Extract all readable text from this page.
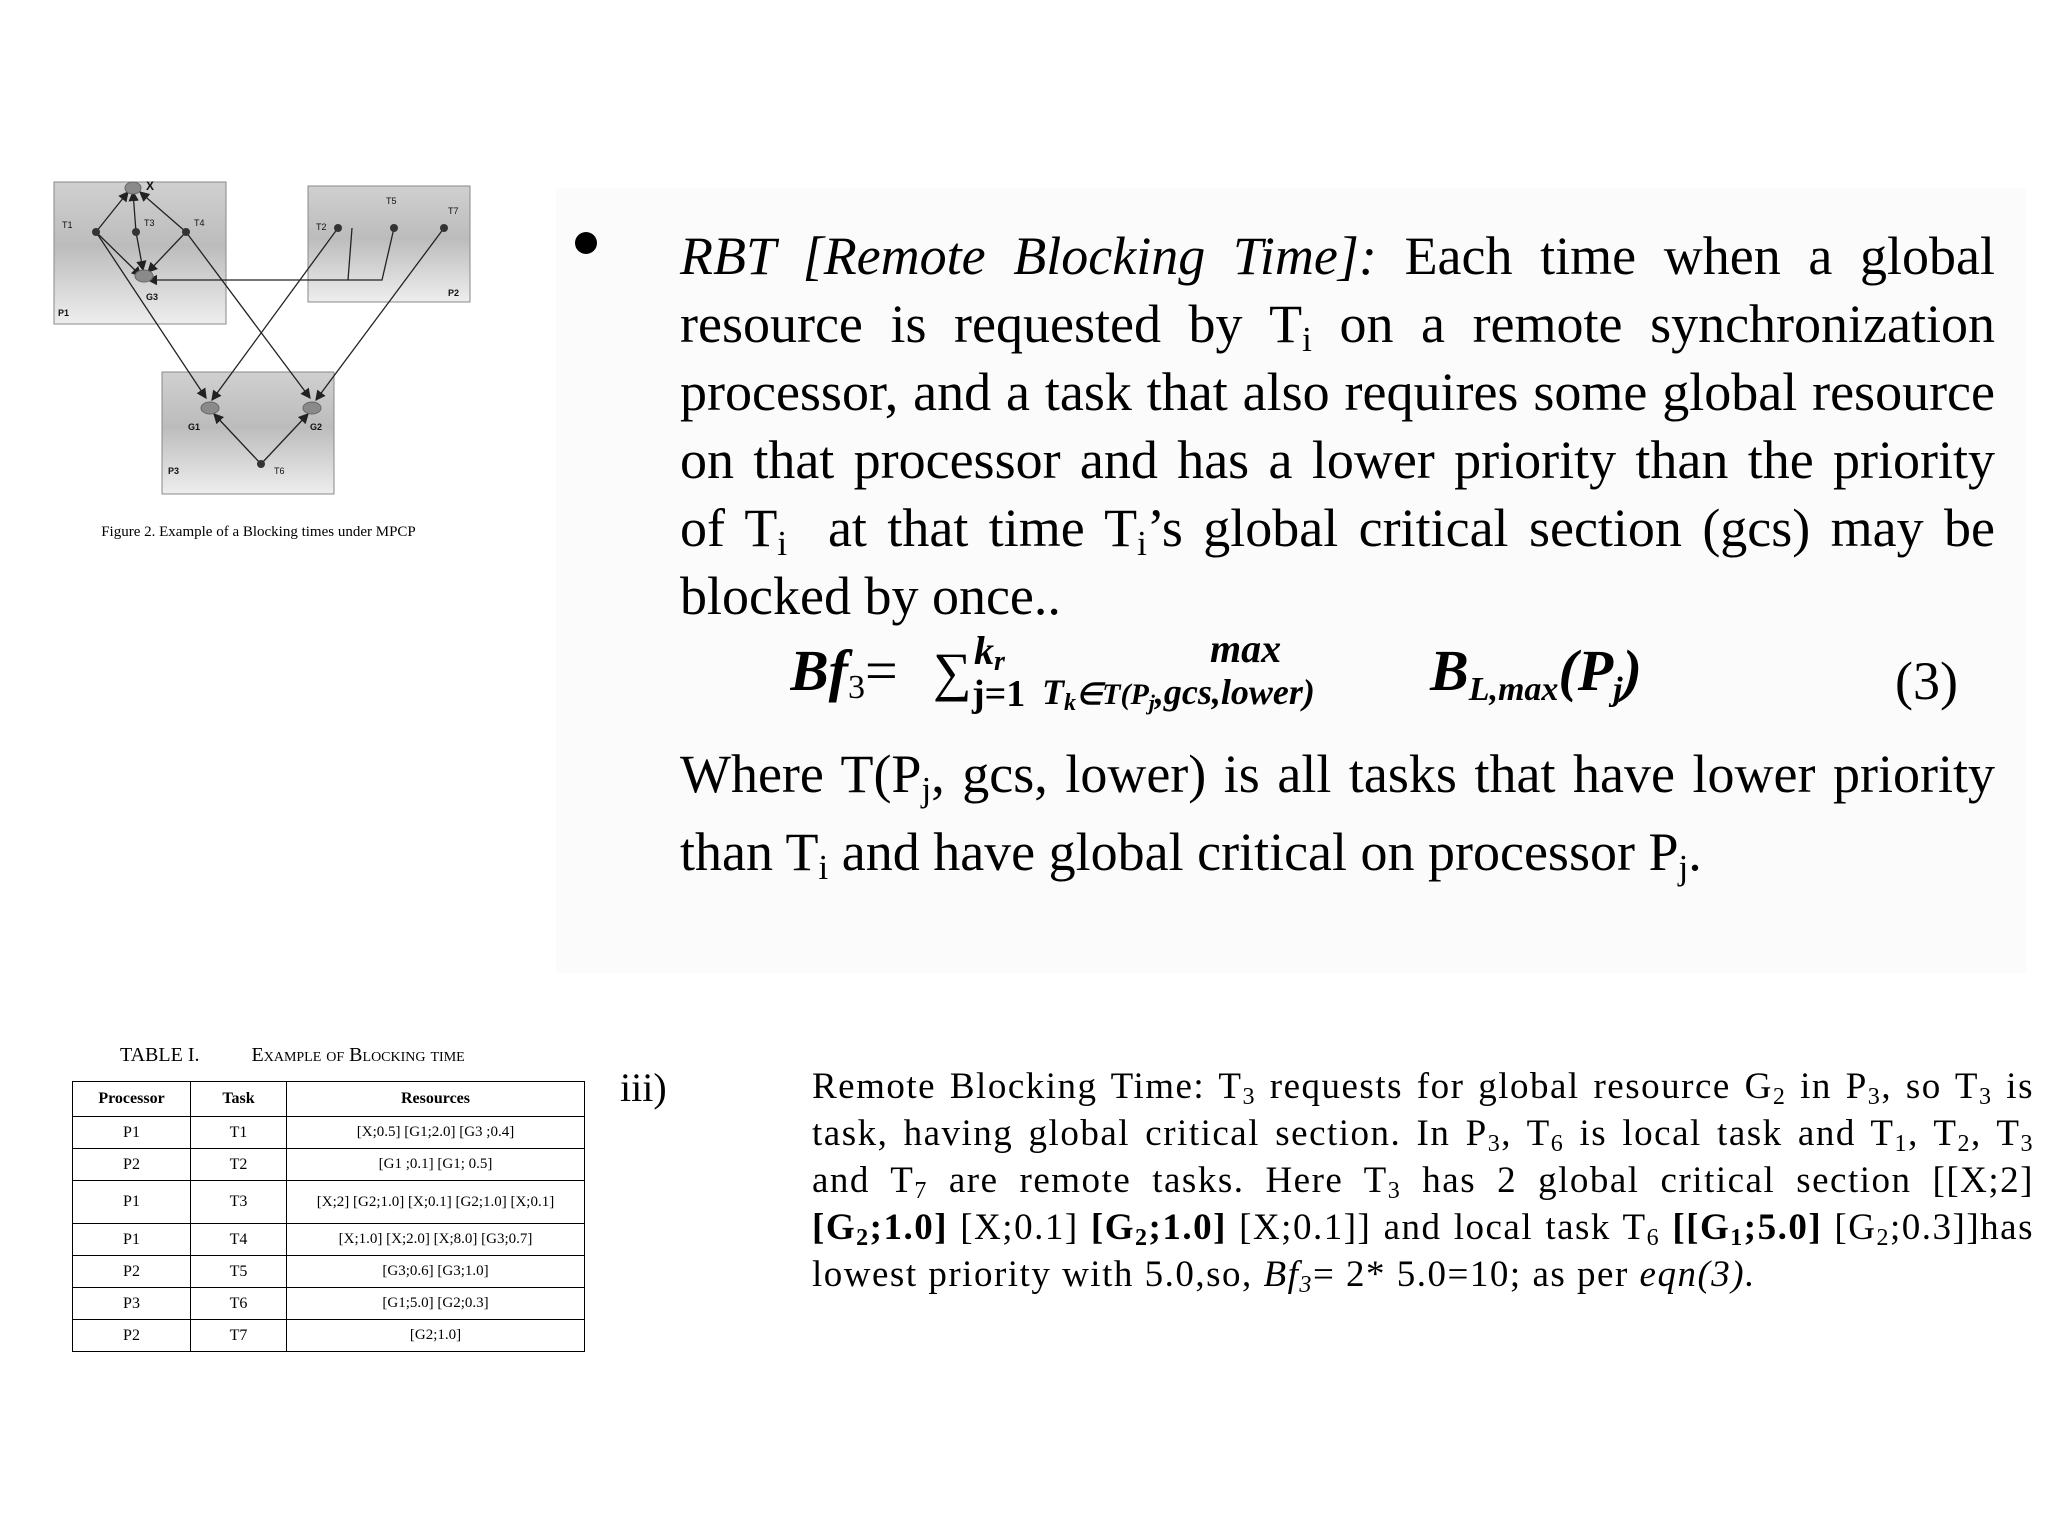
X
T1	T3	T4
G3
P1
T2
T5
T7
P2
G1	G2
P3	T6
Figure 2. Example of a Blocking times under MPCP
RBT [Remote Blocking Time]: Each time when a global resource is requested by $T_i$ on a remote synchronization processor, and a task that also requires some global resource on that processor and has a lower priority than the priority of $T_i$ at that time $T_i’s$ global critical section (gcs) may be blocked by once..
Bf3= ∑ kr
j=1 Tk∈T(Pj,gcs,lower)
max	BL,max(Pj)	(3)
Where $T(P_j$, gcs, lower) is all tasks that have lower priority than $T_i$ and have global critical on processor $P_j$.
TABLE I.	Example of Blocking time
Processor	Task	Resources
P1	T1	[X;0.5] [G1;2.0] [G3 ;0.4]
P2	T2	[G1 ;0.1] [G1; 0.5]
P1	T3	[X;2] [G2;1.0] [X;0.1] [G2;1.0] [X;0.1]
P1	T4	[X;1.0] [X;2.0] [X;8.0] [G3;0.7]
P2	T5	[G3;0.6] [G3;1.0]
P3	T6	[G1;5.0] [G2;0.3]
P2	T7	[G2;1.0]
iii)	Remote Blocking Time: $T_3$ requests for global resource $G_2$ in $P_3$, so $T_3$ is task, having global critical section. In $P_3$, $T_6$ is local task and $T_1$, $T_2$, $T_3$ and $T_7$ are remote tasks. Here $T_3$ has 2 global critical section [[X;2] $[G_2;1.0]$ [X;0.1] $[G_2;1.0]$ [X;0.1]] and local task $T_6$ [$[G_1;5.0]$ $[G_2;0.3]]has$ lowest priority with 5.0,so, $Bf_3= 2*$ 5.0=10; as per eqn(3).
